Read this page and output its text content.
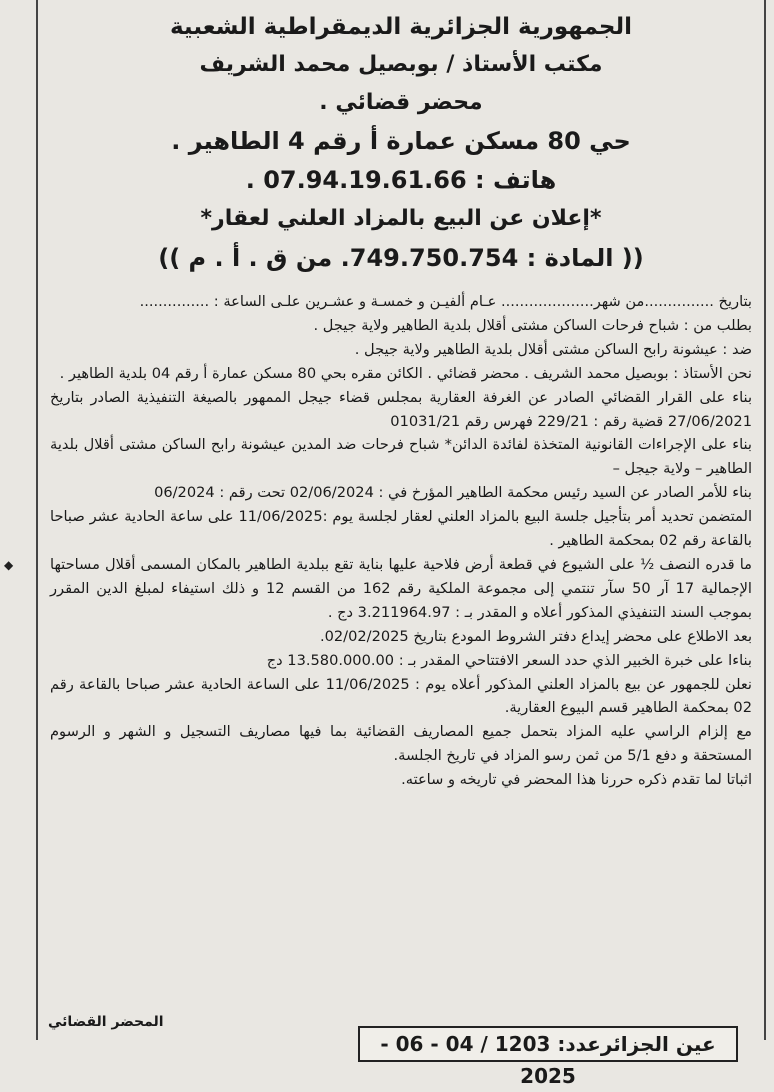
الجمهورية الجزائرية الديمقراطية الشعبية
مكتب الأستاذ / بوبصيل محمد الشريف
محضر قضائي .
حي 80 مسكن عمارة أ رقم 4 الطاهير .
هاتف : 07.94.19.61.66 .
*إعلان عن البيع بالمزاد العلني لعقار*
(( المادة : 749.750.754. من ق . أ . م ))

بتاريخ ...............من شهر.................... عـام ألفيـن و خمسـة و عشـرين علـى الساعة : ...............

بطلب من : شباح فرحات الساكن مشتى أقلال بلدية الطاهير ولاية جيجل .

ضد : عيشونة رابح الساكن مشتى أقلال بلدية الطاهير ولاية جيجل .

نحن الأستاذ : بوبصيل محمد الشريف . محضر قضائي . الكائن مقره بحي 80 مسكن عمارة أ رقم 04 بلدية الطاهير .

بناء على القرار القضائي الصادر عن الغرفة العقارية بمجلس قضاء جيجل الممهور بالصيغة التنفيذية الصادر بتاريخ 27/06/2021 قضية رقم : 229/21 فهرس رقم 01031/21

بناء على الإجراءات القانونية المتخذة لفائدة الدائن* شباح فرحات ضد المدين عيشونة رابح الساكن مشتى أقلال بلدية الطاهير – ولاية جيجل –

بناء للأمر الصادر عن السيد رئيس محكمة الطاهير المؤرخ في : 02/06/2024 تحت رقم : 06/2024

المتضمن تحديد أمر بتأجيل جلسة البيع بالمزاد العلني لعقار لجلسة يوم :11/06/2025 على ساعة الحادية عشر صباحا بالقاعة رقم 02 بمحكمة الطاهير .

ما قدره النصف ½ على الشيوع في قطعة أرض فلاحية عليها بناية تقع ببلدية الطاهير بالمكان المسمى أقلال مساحتها الإجمالية 17 آر 50 سآر تنتمي إلى مجموعة الملكية رقم 162 من القسم 12 و ذلك استيفاء لمبلغ الدين المقرر بموجب السند التنفيذي المذكور أعلاه و المقدر بـ : 3.211964.97 دج .

بعد الاطلاع على محضر إيداع دفتر الشروط المودع بتاريخ 02/02/2025.

بناءا على خبرة الخبير الذي حدد السعر الافتتاحي المقدر بـ : 13.580.000.00 دج

نعلن للجمهور عن بيع بالمزاد العلني المذكور أعلاه يوم : 11/06/2025 على الساعة الحادية عشر صباحا بالقاعة رقم 02 بمحكمة الطاهير قسم البيوع العقارية.

مع إلزام الراسي عليه المزاد بتحمل جميع المصاريف القضائية بما فيها مصاريف التسجيل و الشهر و الرسوم المستحقة و دفع 5/1 من ثمن رسو المزاد في تاريخ الجلسة.

اثباتا لما تقدم ذكره حررنا هذا المحضر في تاريخه و ساعته.

◆
المحضر القضائي
عين الجزائرعدد: 1203 / 04 - 06 - 2025
